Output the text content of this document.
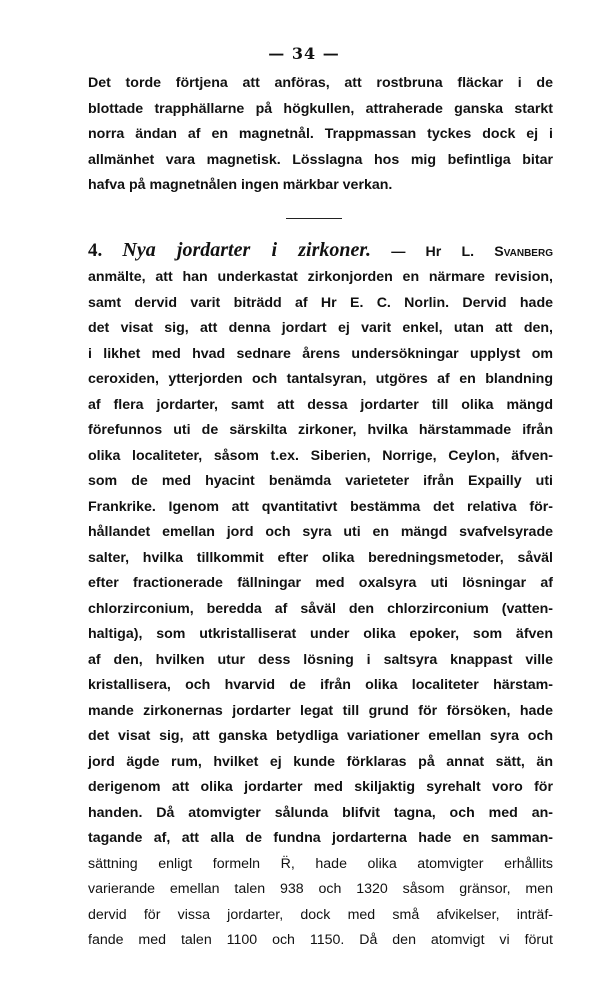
— 34 —
Det torde förtjena att anföras, att rostbruna fläckar i de
blottade trapphällarne på högkullen, attraherade ganska starkt
norra ändan af en magnetnål. Trappmassan tyckes dock ej i
allmänhet vara magnetisk. Lösslagna hos mig befintliga bitar
hafva på magnetnålen ingen märkbar verkan.
4. Nya jordarter i zirkoner. — Hr L. Svanberg
anmälte, att han underkastat zirkonjorden en närmare revision,
samt dervid varit biträdd af Hr E. C. Norlin. Dervid hade
det visat sig, att denna jordart ej varit enkel, utan att den,
i likhet med hvad sednare årens undersökningar upplyst om
ceroxiden, ytterjorden och tantalsyran, utgöres af en blandning
af flera jordarter, samt att dessa jordarter till olika mängd
förefunnos uti de särskilta zirkoner, hvilka härstammade ifrån
olika localiteter, såsom t.ex. Siberien, Norrige, Ceylon, äfven-
som de med hyacint benämda varieteter ifrån Expailly uti
Frankrike. Igenom att qvantitativt bestämma det relativa för-
hållandet emellan jord och syra uti en mängd svafvelsyrade
salter, hvilka tillkommit efter olika beredningsmetoder, såväl
efter fractionerade fällningar med oxalsyra uti lösningar af
chlorzirconium, beredda af såväl den chlorzirconium (vatten-
haltiga), som utkristalliserat under olika epoker, som äfven
af den, hvilken utur dess lösning i saltsyra knappast ville
kristallisera, och hvarvid de ifrån olika localiteter härstam-
mande zirkonernas jordarter legat till grund för försöken, hade
det visat sig, att ganska betydliga variationer emellan syra och
jord ägde rum, hvilket ej kunde förklaras på annat sätt, än
derigenom att olika jordarter med skiljaktig syrehalt voro för
handen. Då atomvigter sålunda blifvit tagna, och med an-
tagande af, att alla de fundna jordarterna hade en samman-
sättning enligt formeln R̈, hade olika atomvigter erhållits
varierande emellan talen 938 och 1320 såsom gränsor, men
dervid för vissa jordarter, dock med små afvikelser, inträf-
fande med talen 1100 och 1150. Då den atomvigt vi förut
